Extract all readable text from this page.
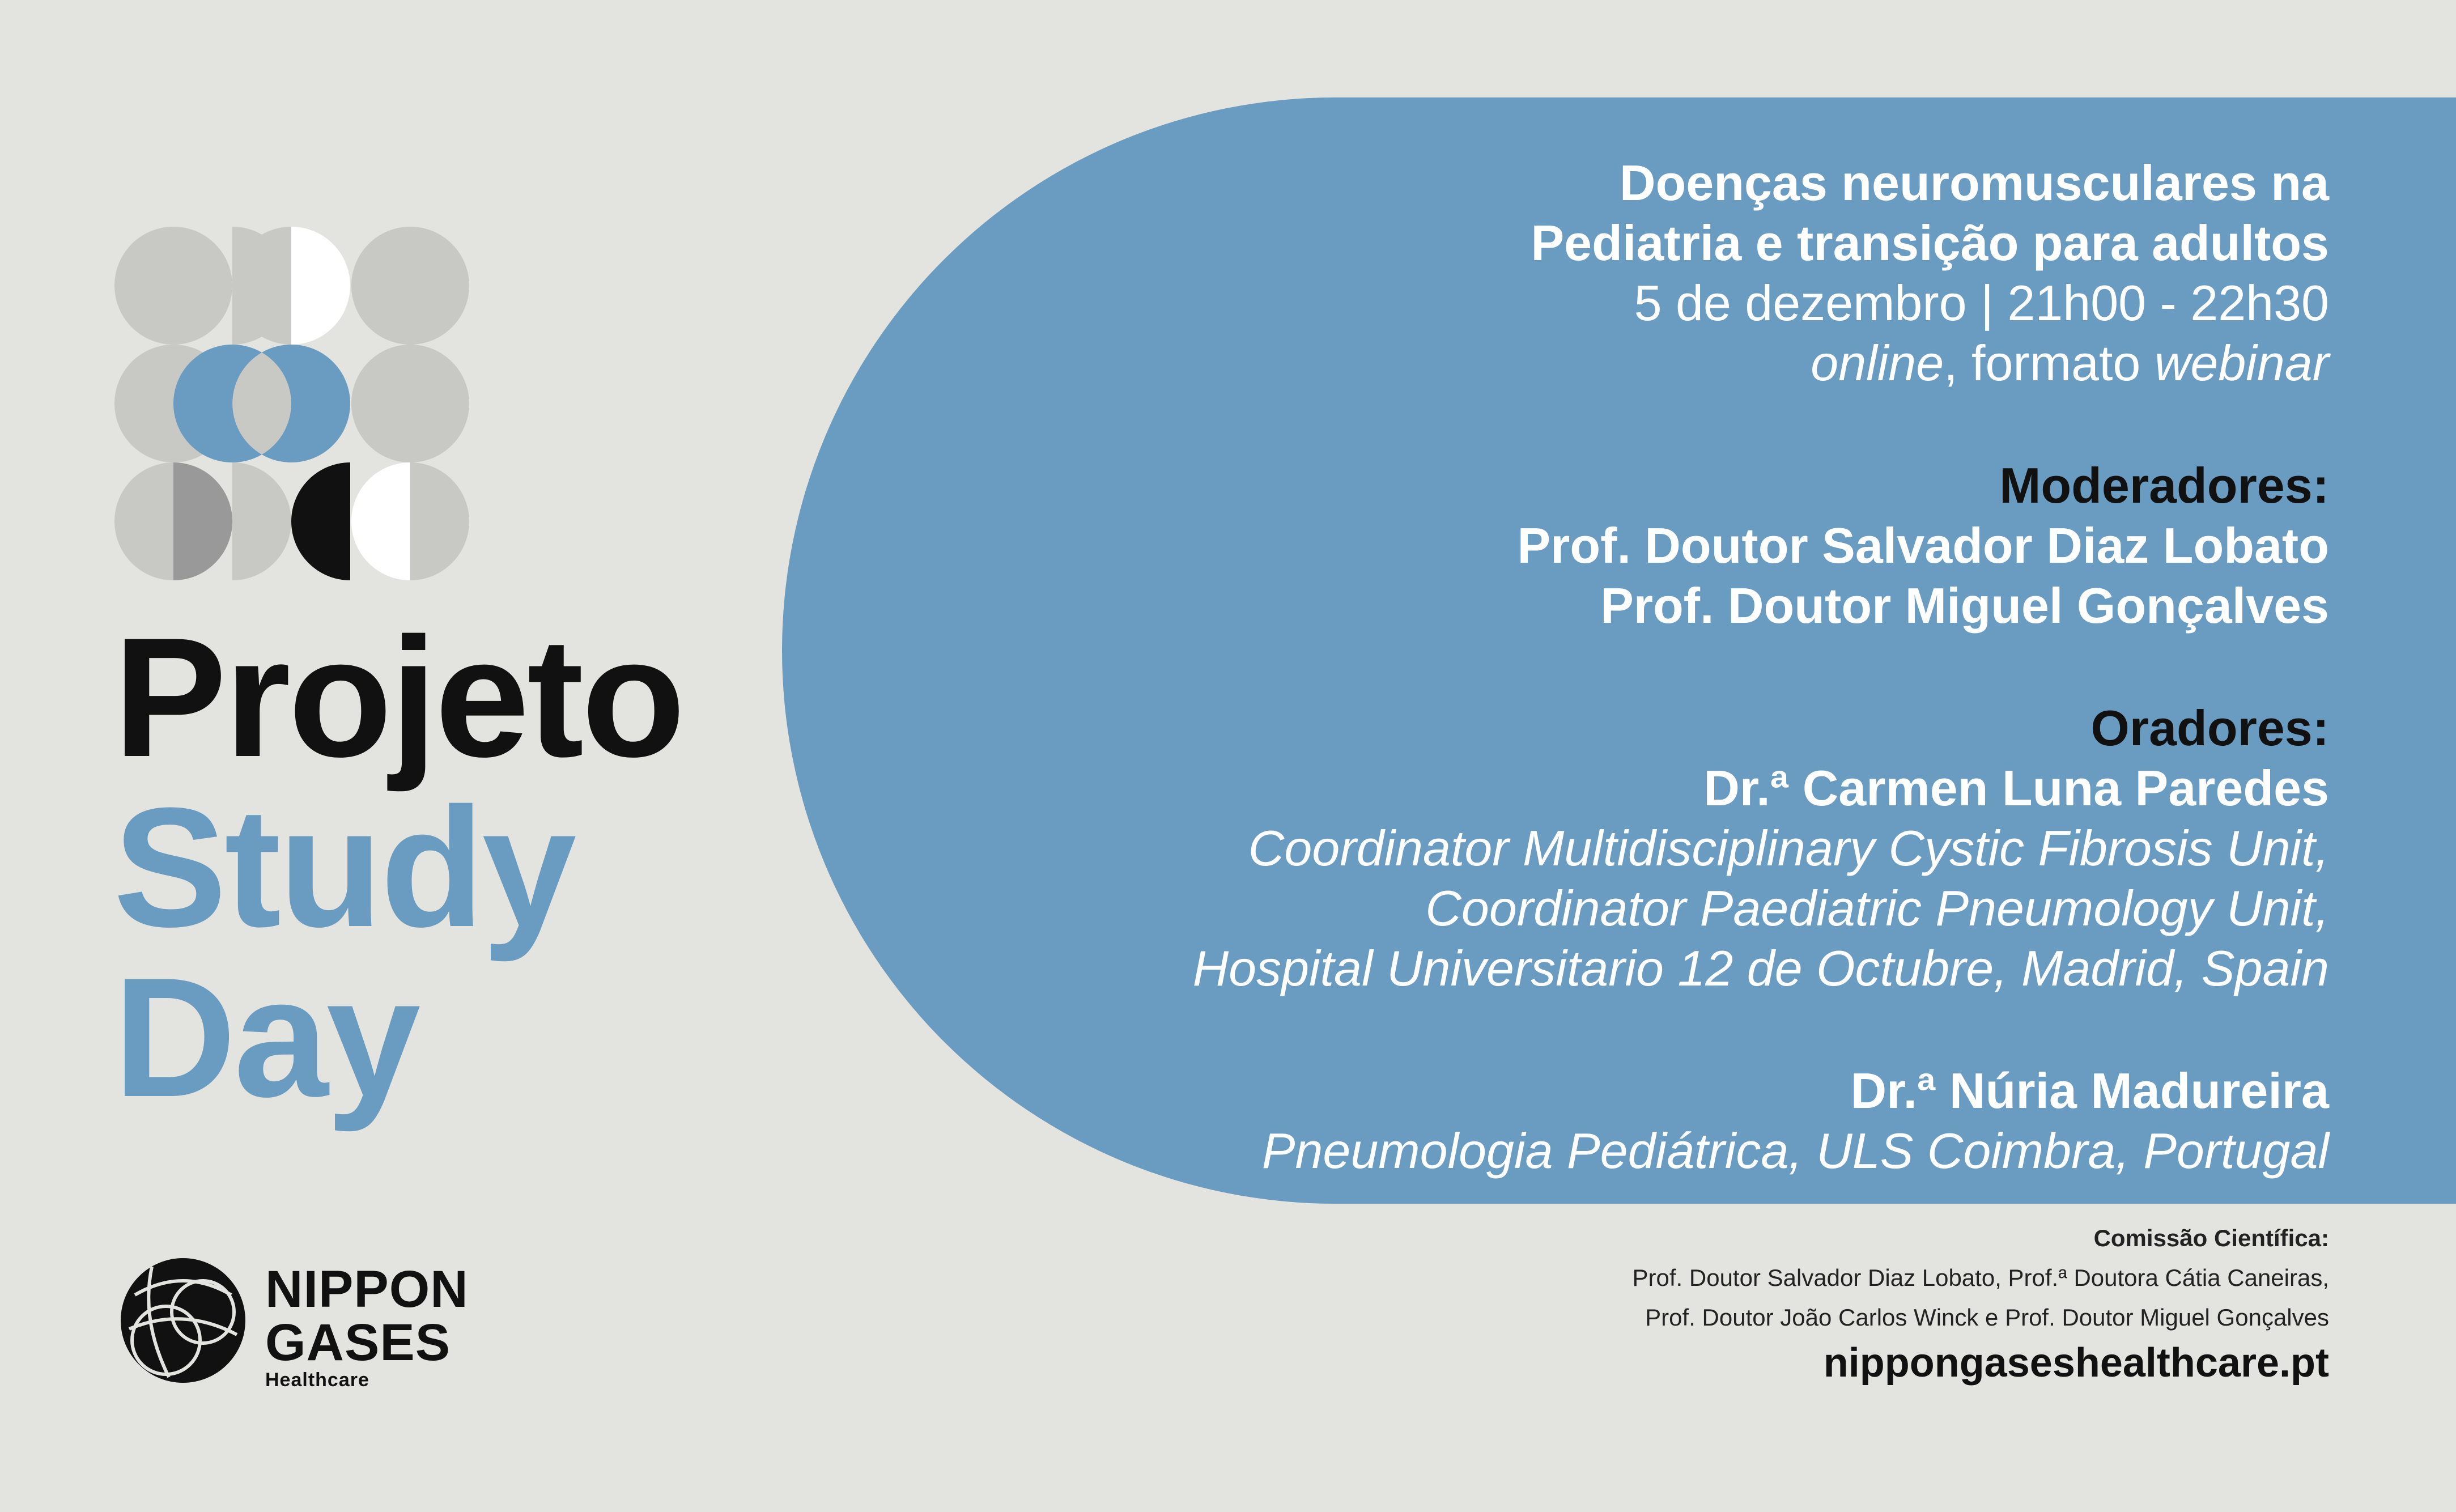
Projeto
Study
Day
NIPPON
GASES
Healthcare
Doenças neuromusculares na
Pediatria e transição para adultos
5 de dezembro | 21h00 - 22h30
online, formato webinar
Moderadores:
Prof. Doutor Salvador Diaz Lobato
Prof. Doutor Miguel Gonçalves
Oradores:
Dr.ª Carmen Luna Paredes
Coordinator Multidisciplinary Cystic Fibrosis Unit,
Coordinator Paediatric Pneumology Unit,
Hospital Universitario 12 de Octubre, Madrid, Spain
Dr.ª Núria Madureira
Pneumologia Pediátrica, ULS Coimbra, Portugal
Comissão Científica:
Prof. Doutor Salvador Diaz Lobato, Prof.ª Doutora Cátia Caneiras,
Prof. Doutor João Carlos Winck e Prof. Doutor Miguel Gonçalves
nippongaseshealthcare.pt
